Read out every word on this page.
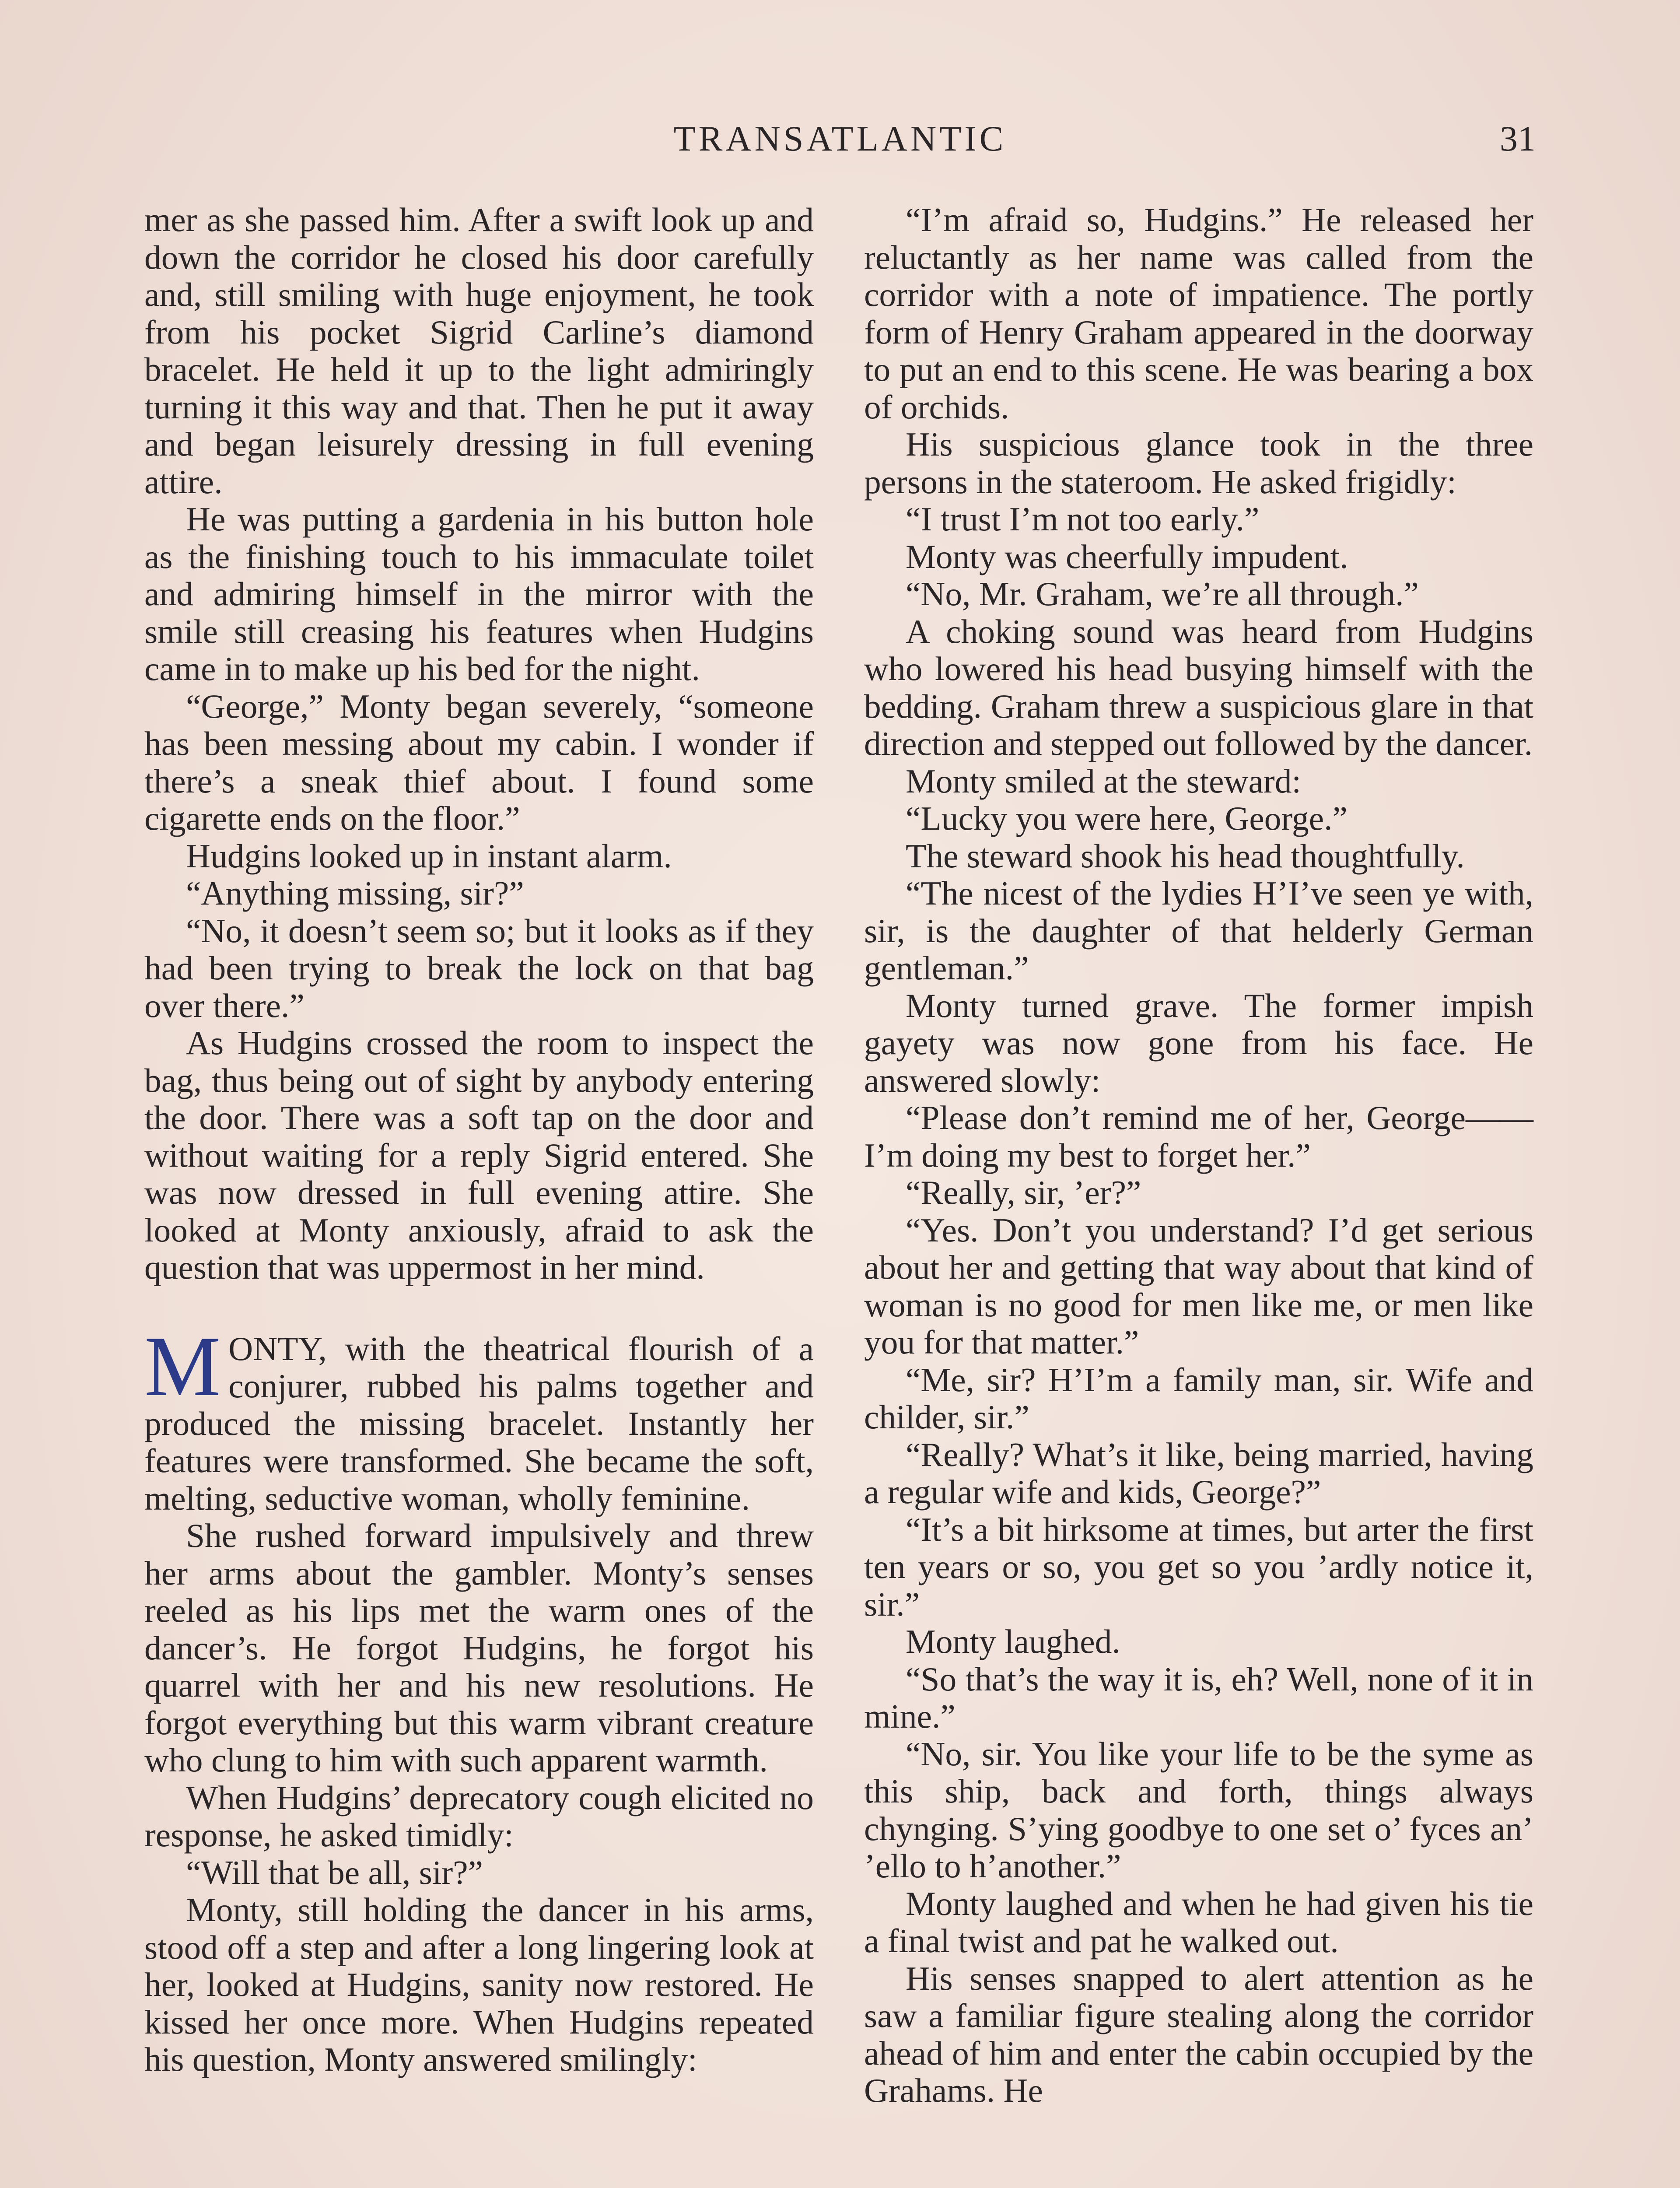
TRANSATLANTIC	31

mer as she passed him. After a swift look up and down the corridor he closed his door carefully and, still smiling with huge enjoyment, he took from his pocket Sigrid Carline’s diamond bracelet. He held it up to the light admiringly turning it this way and that. Then he put it away and began leisurely dressing in full evening attire.

He was putting a gardenia in his button hole as the finishing touch to his immaculate toilet and admiring himself in the mirror with the smile still creasing his features when Hudgins came in to make up his bed for the night.

“George,” Monty began severely, “someone has been messing about my cabin. I wonder if there’s a sneak thief about. I found some cigarette ends on the floor.”

Hudgins looked up in instant alarm.

“Anything missing, sir?”

“No, it doesn’t seem so; but it looks as if they had been trying to break the lock on that bag over there.”

As Hudgins crossed the room to inspect the bag, thus being out of sight by anybody entering the door. There was a soft tap on the door and without waiting for a reply Sigrid entered. She was now dressed in full evening attire. She looked at Monty anxiously, afraid to ask the question that was uppermost in her mind.

MONTY, with the theatrical flourish of a conjurer, rubbed his palms together and produced the missing bracelet. Instantly her features were transformed. She became the soft, melting, seductive woman, wholly feminine.

She rushed forward impulsively and threw her arms about the gambler. Monty’s senses reeled as his lips met the warm ones of the dancer’s. He forgot Hudgins, he forgot his quarrel with her and his new resolutions. He forgot everything but this warm vibrant creature who clung to him with such apparent warmth.

When Hudgins’ deprecatory cough elicited no response, he asked timidly:

“Will that be all, sir?”

Monty, still holding the dancer in his arms, stood off a step and after a long lingering look at her, looked at Hudgins, sanity now restored. He kissed her once more. When Hudgins repeated his question, Monty answered smilingly:

“I’m afraid so, Hudgins.” He released her reluctantly as her name was called from the corridor with a note of impatience. The portly form of Henry Graham appeared in the doorway to put an end to this scene. He was bearing a box of orchids.

His suspicious glance took in the three persons in the stateroom. He asked frigidly:

“I trust I’m not too early.”

Monty was cheerfully impudent.

“No, Mr. Graham, we’re all through.”

A choking sound was heard from Hudgins who lowered his head busying himself with the bedding. Graham threw a suspicious glare in that direction and stepped out followed by the dancer.

Monty smiled at the steward:

“Lucky you were here, George.”

The steward shook his head thoughtfully.

“The nicest of the lydies H’I’ve seen ye with, sir, is the daughter of that helderly German gentleman.”

Monty turned grave. The former impish gayety was now gone from his face. He answered slowly:

“Please don’t remind me of her, George——I’m doing my best to forget her.”

“Really, sir, ’er?”

“Yes. Don’t you understand? I’d get serious about her and getting that way about that kind of woman is no good for men like me, or men like you for that matter.”

“Me, sir? H’I’m a family man, sir. Wife and childer, sir.”

“Really? What’s it like, being married, having a regular wife and kids, George?”

“It’s a bit hirksome at times, but arter the first ten years or so, you get so you ’ardly notice it, sir.”

Monty laughed.

“So that’s the way it is, eh? Well, none of it in mine.”

“No, sir. You like your life to be the syme as this ship, back and forth, things always chynging. S’ying goodbye to one set o’ fyces an’ ’ello to h’another.”

Monty laughed and when he had given his tie a final twist and pat he walked out.

His senses snapped to alert attention as he saw a familiar figure stealing along the corridor ahead of him and enter the cabin occupied by the Grahams. He
